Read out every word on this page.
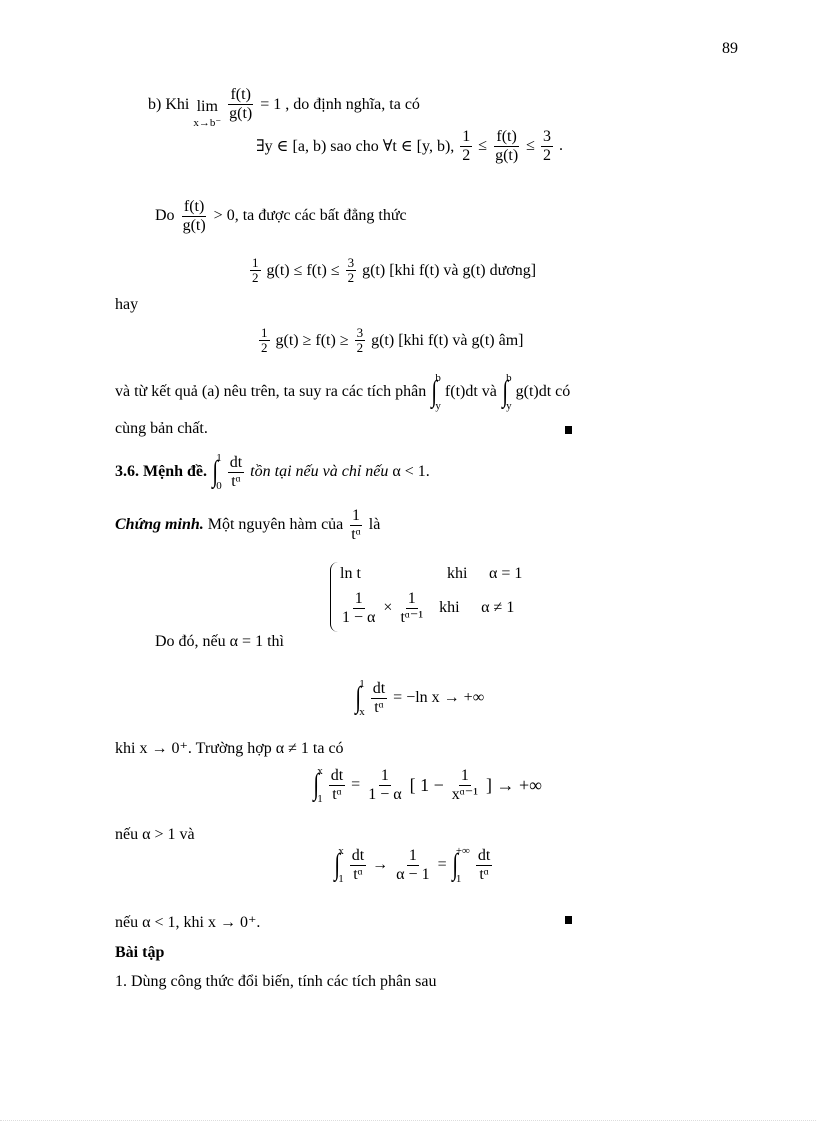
89
b) Khi lim
x→b⁻
$\frac{f(t)}{g(t)} = 1$ , do định nghĩa, ta có
∃y ∈ [a, b) sao cho ∀t ∈ [y, b), $\frac{1}{2} \le \frac{f(t)}{g(t)} \le \frac{3}{2}$ .
Do $\frac{f(t)}{g(t)} > 0$, ta được các bất đẳng thức
$\frac{1}{2} g(t) \le f(t) \le \frac{3}{2} g(t)$ [khi f(t) và g(t) dương]
hay
$\frac{1}{2} g(t) \ge f(t) \ge \frac{3}{2} g(t)$ [khi f(t) và g(t) âm]
và từ kết quả (a) nêu trên, ta suy ra các tích phân ∫
b
y
f(t)dt và ∫
b
y
g(t)dt có
cùng bản chất.
3.6. Mệnh đề. ∫
1
$0 \frac{dt}{\text{tᵅ}}$ tồn tại nếu và chỉ nếu α < 1.
Chứng minh. Một nguyên hàm của $\frac{1}{\text{tᵅ}}$ là
ln t	khi	α = 1
$\frac{1}{1 - \alpha} \times \frac{1}{\text{tᵅ⁻¹}}$ khi	α ≠ 1
Do đó, nếu α = 1 thì
∫
1
x $\frac{dt}{\text{tᵅ}} = -\ln$ x → +∞
khi x → 0⁺. Trường hợp α ≠ 1 ta có
∫
x
$1 \frac{dt}{\text{tᵅ}} = \frac{1}{1 - \alpha}$ [ $1 - \frac{1}{\text{xᵅ⁻¹}}$ ] → +∞
nếu α > 1 và
∫
x
$1 \frac{dt}{\text{tᵅ}} \to \frac{1}{\alpha - 1}$ = ∫
+∞
$1 \frac{dt}{\text{tᵅ}}$
nếu α < 1, khi x → 0⁺.
Bài tập
1. Dùng công thức đổi biến, tính các tích phân sau
